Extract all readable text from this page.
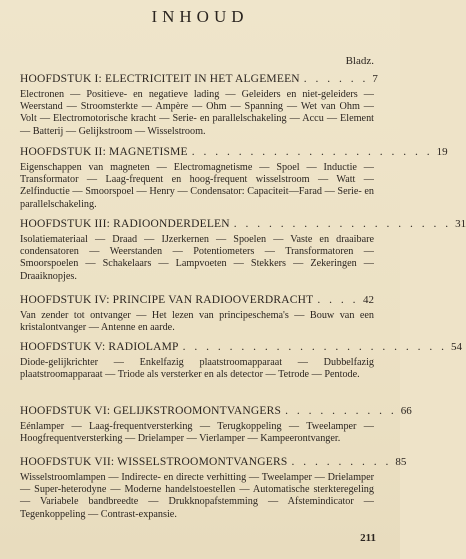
INHOUD
Bladz.
HOOFDSTUK I: ELECTRICITEIT IN HET ALGEMEEN . . . . . . 7
Electronen — Positieve- en negatieve lading — Geleiders en niet-geleiders — Weerstand — Stroomsterkte — Ampère — Ohm — Spanning — Wet van Ohm — Volt — Electromotorische kracht — Serie- en parallelschakeling — Accu — Element — Batterij — Gelijkstroom — Wisselstroom.
HOOFDSTUK II: MAGNETISME . . . . . . . . . . . . . . . . . . . . . 19
Eigenschappen van magneten — Electromagnetisme — Spoel — Inductie — Transformator — Laag-frequent en hoog-frequent wisselstroom — Watt — Zelfinductie — Smoorspoel — Henry — Condensator: Capaciteit—Farad — Serie- en parallelschakeling.
HOOFDSTUK III: RADIOONDERDELEN . . . . . . . . . . . . . . . . . . . 31
Isolatiemateriaal — Draad — IJzerkernen — Spoelen — Vaste en draaibare condensatoren — Weerstanden — Potentiometers — Transformatoren — Smoorspoelen — Schakelaars — Lampvoeten — Stekkers — Zekeringen — Draaiknopjes.
HOOFDSTUK IV: PRINCIPE VAN RADIOOVERDRACHT . . . . 42
Van zender tot ontvanger — Het lezen van principeschema's — Bouw van een kristalontvanger — Antenne en aarde.
HOOFDSTUK V: RADIOLAMP . . . . . . . . . . . . . . . . . . . . . . . 54
Diode-gelijkrichter — Enkelfazig plaatstroomapparaat — Dubbelfazig plaatstroomapparaat — Triode als versterker en als detector — Tetrode — Pentode.
HOOFDSTUK VI: GELIJKSTROOMONTVANGERS . . . . . . . . . . 66
Eénlamper — Laag-frequentversterking — Terugkoppeling — Tweelamper — Hoogfrequentversterking — Drielamper — Vierlamper — Kampeerontvanger.
HOOFDSTUK VII: WISSELSTROOMONTVANGERS . . . . . . . . . 85
Wisselstroomlampen — Indirecte- en directe verhitting — Tweelamper — Drielamper — Super-heterodyne — Moderne handelstoestellen — Automatische sterkteregeling — Variabele bandbreedte — Drukknopafstemming — Afstemindicator — Tegenkoppeling — Contrast-expansie.
211
